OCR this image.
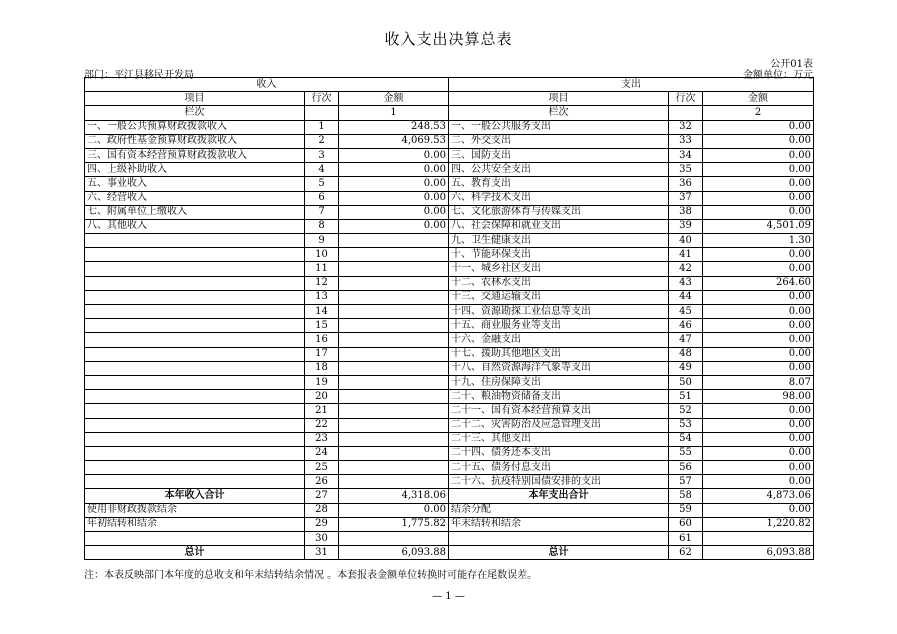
收入支出决算总表
公开01表
部门：平江县移民开发局	金额单位：万元
收入			支出		
项目	行次	金额	项目	行次	金额
栏次		1	栏次		2
一、一般公共预算财政拨款收入	1	248.53	一、一般公共服务支出	32	0.00
二、政府性基金预算财政拨款收入	2	4,069.53	二、外交支出	33	0.00
三、国有资本经营预算财政拨款收入	3	0.00	三、国防支出	34	0.00
四、上级补助收入	4	0.00	四、公共安全支出	35	0.00
五、事业收入	5	0.00	五、教育支出	36	0.00
六、经营收入	6	0.00	六、科学技术支出	37	0.00
七、附属单位上缴收入	7	0.00	七、文化旅游体育与传媒支出	38	0.00
八、其他收入	8	0.00	八、社会保障和就业支出	39	4,501.09
	9		九、卫生健康支出	40	1.30
	10		十、节能环保支出	41	0.00
	11		十一、城乡社区支出	42	0.00
	12		十二、农林水支出	43	264.60
	13		十三、交通运输支出	44	0.00
	14		十四、资源勘探工业信息等支出	45	0.00
	15		十五、商业服务业等支出	46	0.00
	16		十六、金融支出	47	0.00
	17		十七、援助其他地区支出	48	0.00
	18		十八、自然资源海洋气象等支出	49	0.00
	19		十九、住房保障支出	50	8.07
	20		二十、粮油物资储备支出	51	98.00
	21		二十一、国有资本经营预算支出	52	0.00
	22		二十二、灾害防治及应急管理支出	53	0.00
	23		二十三、其他支出	54	0.00
	24		二十四、债务还本支出	55	0.00
	25		二十五、债务付息支出	56	0.00
	26		二十六、抗疫特别国债安排的支出	57	0.00
本年收入合计	27	4,318.06	本年支出合计	58	4,873.06
使用非财政拨款结余	28	0.00	结余分配	59	0.00
年初结转和结余	29	1,775.82	年末结转和结余	60	1,220.82
	30			61	
总计	31	6,093.88	总计	62	6,093.88
注：本表反映部门本年度的总收支和年末结转结余情况 。本套报表金额单位转换时可能存在尾数误差。
— 1 —
